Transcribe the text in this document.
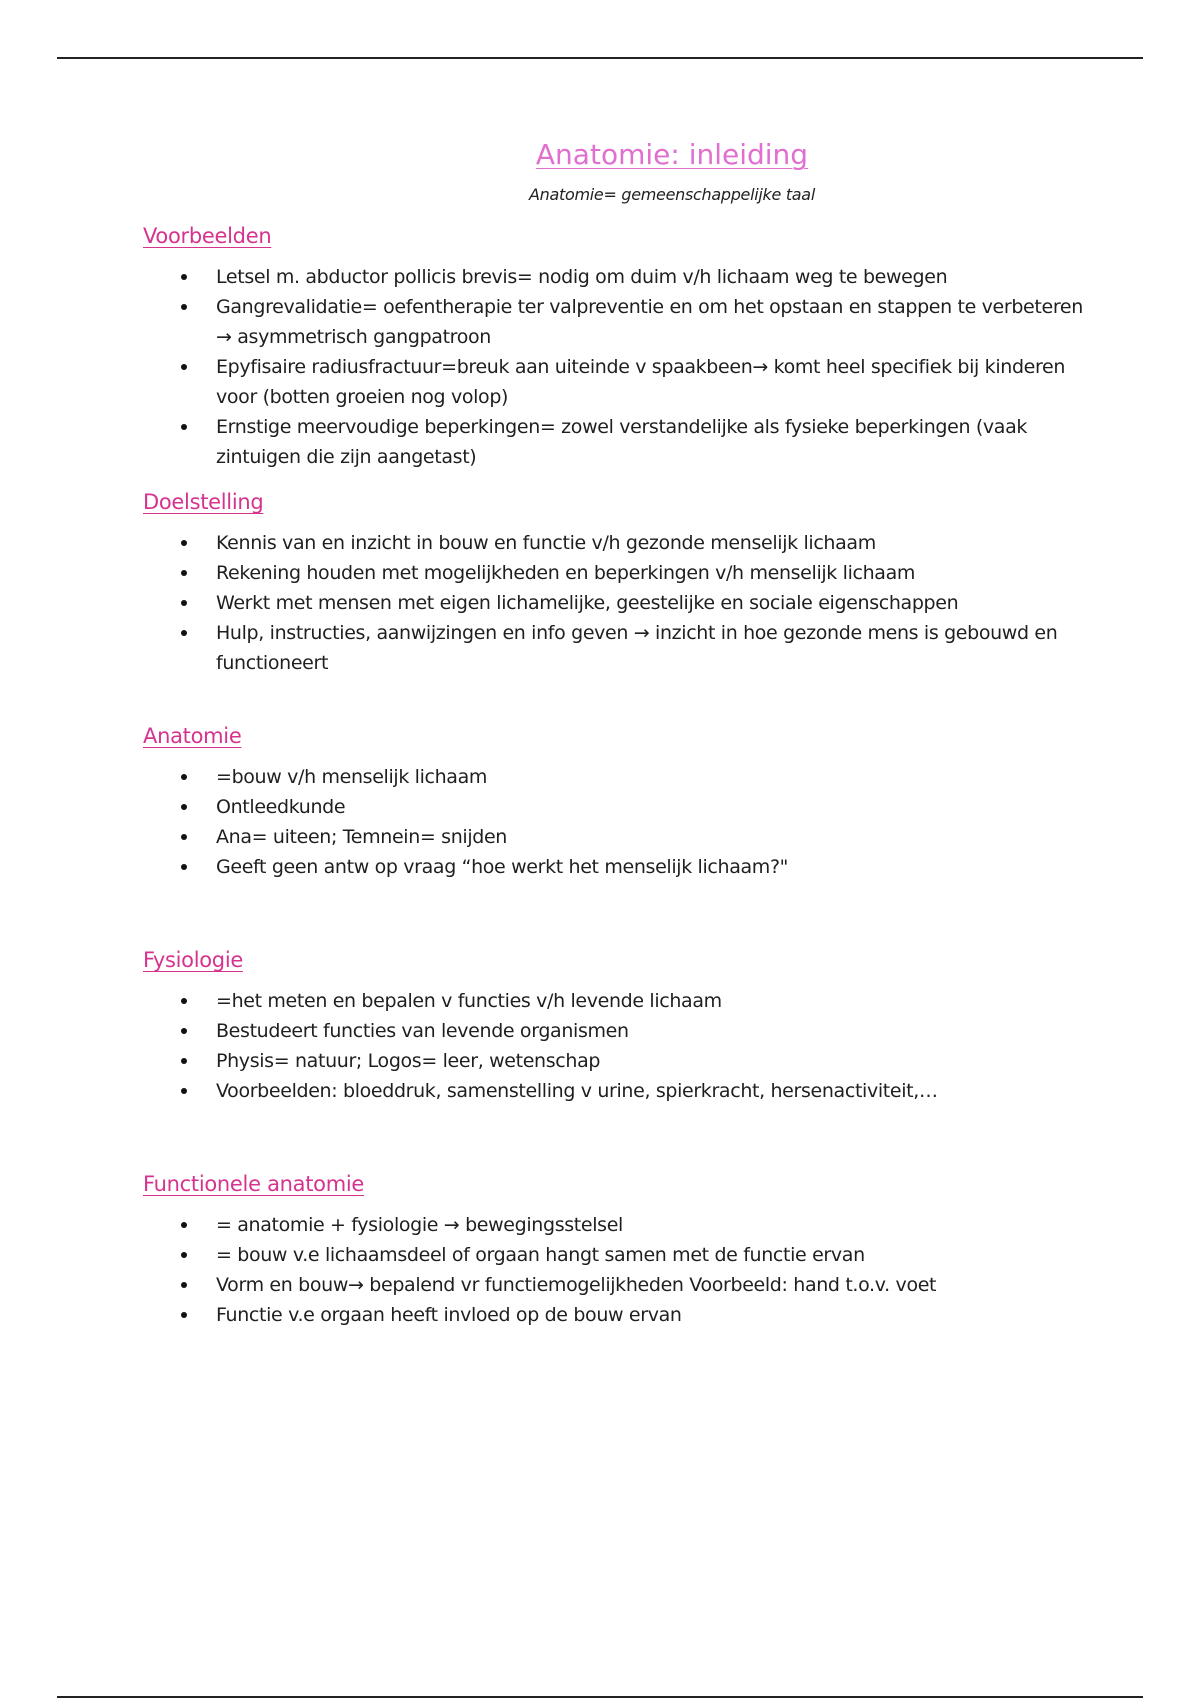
Anatomie: inleiding

Anatomie= gemeenschappelijke taal

Voorbeelden
Letsel m. abductor pollicis brevis= nodig om duim v/h lichaam weg te bewegen
Gangrevalidatie= oefentherapie ter valpreventie en om het opstaan en stappen te verbeteren → asymmetrisch gangpatroon
Epyfisaire radiusfractuur=breuk aan uiteinde v spaakbeen→ komt heel specifiek bij kinderen voor (botten groeien nog volop)
Ernstige meervoudige beperkingen= zowel verstandelijke als fysieke beperkingen (vaak zintuigen die zijn aangetast)
Doelstelling
Kennis van en inzicht in bouw en functie v/h gezonde menselijk lichaam
Rekening houden met mogelijkheden en beperkingen v/h menselijk lichaam
Werkt met mensen met eigen lichamelijke, geestelijke en sociale eigenschappen
Hulp, instructies, aanwijzingen en info geven → inzicht in hoe gezonde mens is gebouwd en functioneert
Anatomie
=bouw v/h menselijk lichaam
Ontleedkunde
Ana= uiteen; Temnein= snijden
Geeft geen antw op vraag “hoe werkt het menselijk lichaam?"
Fysiologie
=het meten en bepalen v functies v/h levende lichaam
Bestudeert functies van levende organismen
Physis= natuur; Logos= leer, wetenschap
Voorbeelden: bloeddruk, samenstelling v urine, spierkracht, hersenactiviteit,…
Functionele anatomie
= anatomie + fysiologie → bewegingsstelsel
= bouw v.e lichaamsdeel of orgaan hangt samen met de functie ervan
Vorm en bouw→ bepalend vr functiemogelijkheden Voorbeeld: hand t.o.v. voet
Functie v.e orgaan heeft invloed op de bouw ervan
